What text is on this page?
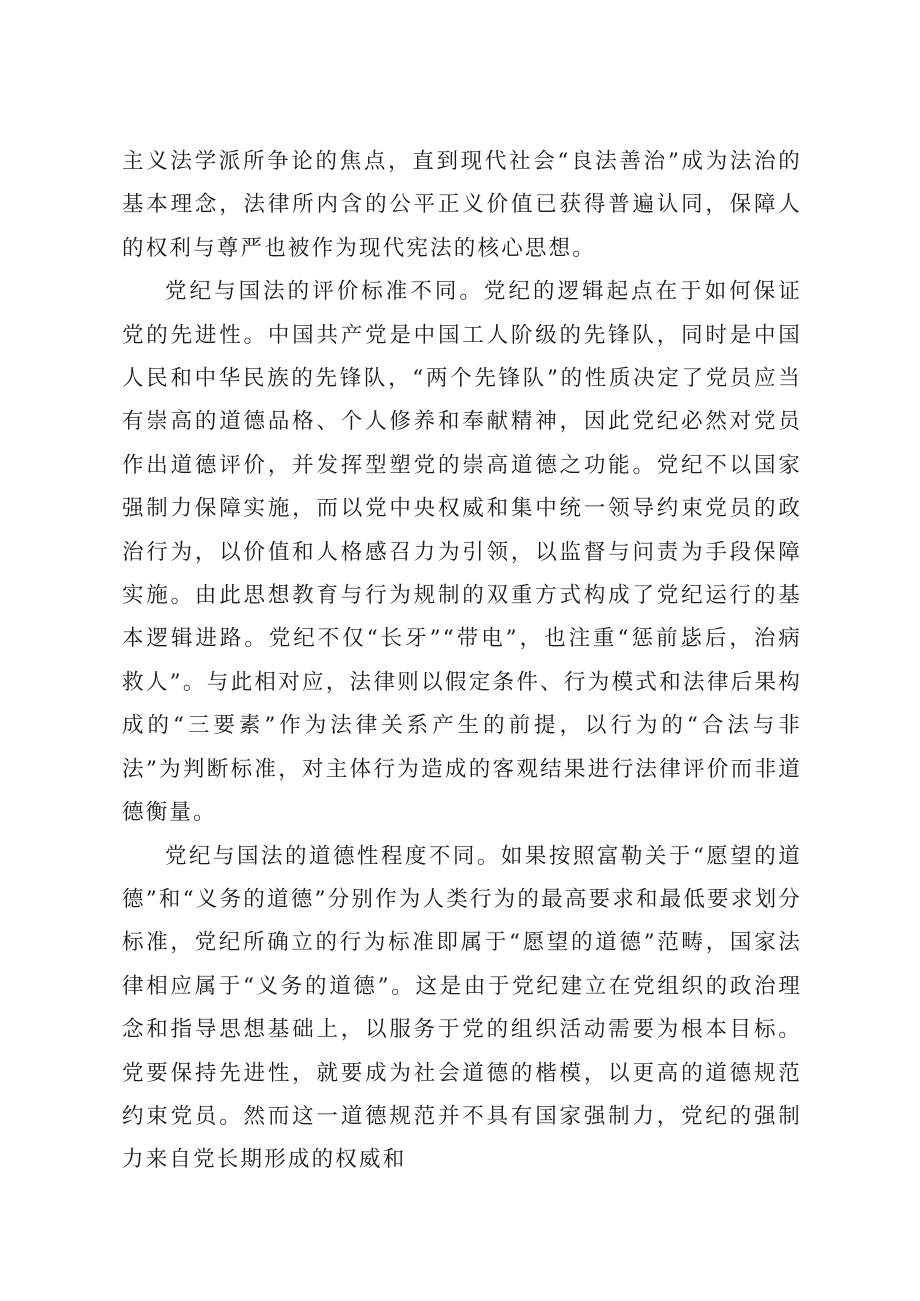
主义法学派所争论的焦点，直到现代社会“良法善治”成为法治的基本理念，法律所内含的公平正义价值已获得普遍认同，保障人的权利与尊严也被作为现代宪法的核心思想。

党纪与国法的评价标准不同。党纪的逻辑起点在于如何保证党的先进性。中国共产党是中国工人阶级的先锋队，同时是中国人民和中华民族的先锋队，“两个先锋队”的性质决定了党员应当有崇高的道德品格、个人修养和奉献精神，因此党纪必然对党员作出道德评价，并发挥型塑党的崇高道德之功能。党纪不以国家强制力保障实施，而以党中央权威和集中统一领导约束党员的政治行为，以价值和人格感召力为引领，以监督与问责为手段保障实施。由此思想教育与行为规制的双重方式构成了党纪运行的基本逻辑进路。党纪不仅“长牙”“带电”，也注重“惩前毖后，治病救人”。与此相对应，法律则以假定条件、行为模式和法律后果构成的“三要素”作为法律关系产生的前提，以行为的“合法与非法”为判断标准，对主体行为造成的客观结果进行法律评价而非道德衡量。

党纪与国法的道德性程度不同。如果按照富勒关于“愿望的道德”和“义务的道德”分别作为人类行为的最高要求和最低要求划分标准，党纪所确立的行为标准即属于“愿望的道德”范畴，国家法律相应属于“义务的道德”。这是由于党纪建立在党组织的政治理念和指导思想基础上，以服务于党的组织活动需要为根本目标。党要保持先进性，就要成为社会道德的楷模，以更高的道德规范约束党员。然而这一道德规范并不具有国家强制力，党纪的强制力来自党长期形成的权威和
